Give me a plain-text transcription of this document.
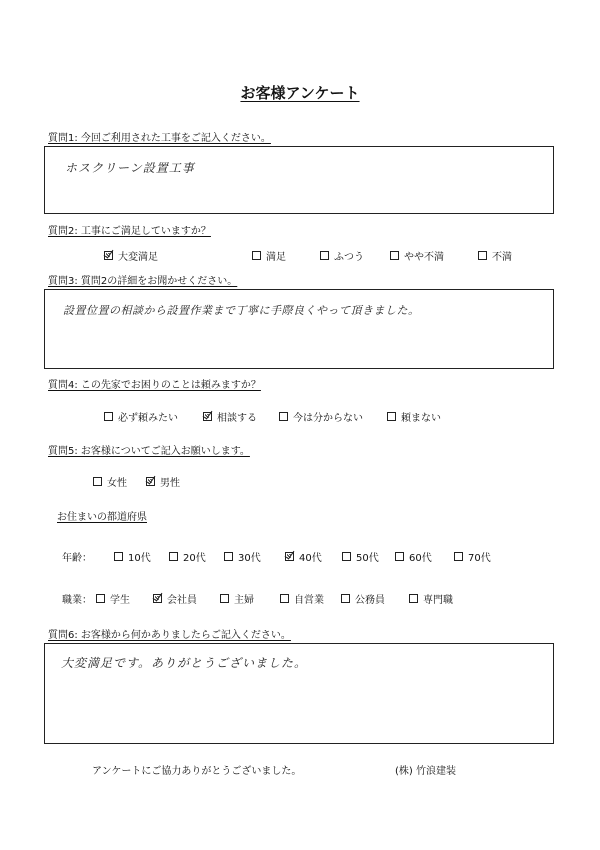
お客様アンケート
質問1: 今回ご利用された工事をご記入ください。
ホスクリーン設置工事
質問2: 工事にご満足していますか？
大変満足	満足	ふつう	やや不満	不満
質問3: 質問2の詳細をお聞かせください。
設置位置の相談から設置作業まで丁寧に手際良くやって頂きました。
質問4: この先家でお困りのことは頼みますか？
必ず頼みたい	相談する	今は分からない	頼まない
質問5: お客様についてご記入お願いします。
女性	男性
お住まいの都道府県
年齢：	10代	20代	30代	40代	50代	60代	70代
職業：	学生	会社員	主婦	自営業	公務員	専門職
質問6: お客様から何かありましたらご記入ください。
大変満足です。ありがとうございました。
アンケートにご協力ありがとうございました。	(株) 竹浪建装
